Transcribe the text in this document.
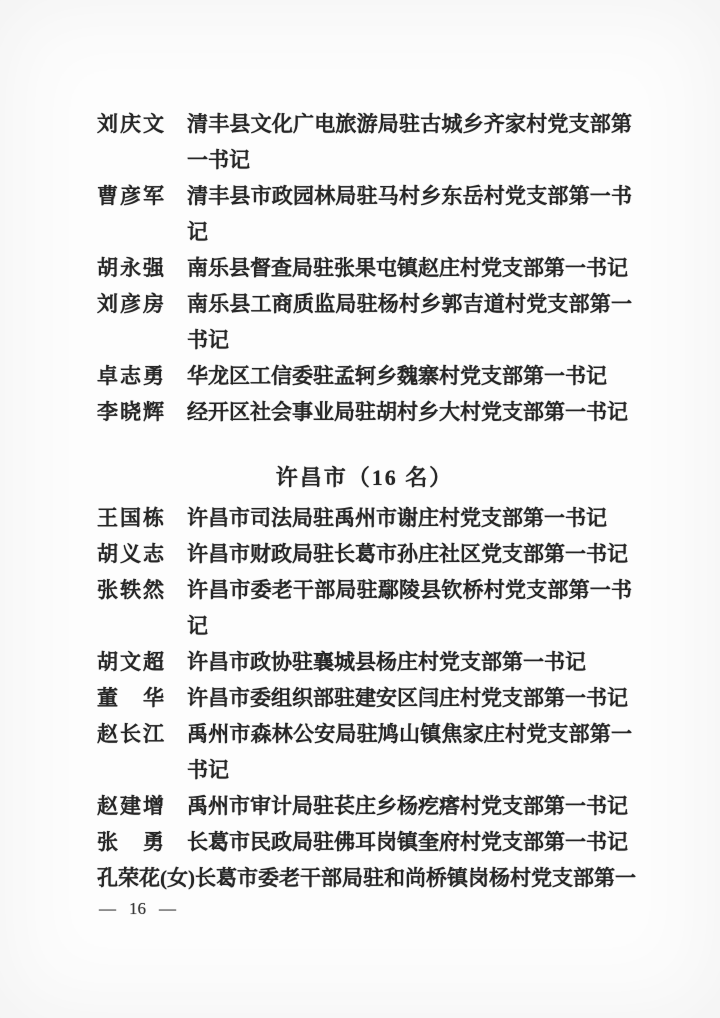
刘庆文	清丰县文化广电旅游局驻古城乡齐家村党支部第一书记
曹彦军	清丰县市政园林局驻马村乡东岳村党支部第一书记
胡永强	南乐县督查局驻张果屯镇赵庄村党支部第一书记
刘彦房	南乐县工商质监局驻杨村乡郭吉道村党支部第一书记
卓志勇	华龙区工信委驻孟轲乡魏寨村党支部第一书记
李晓辉	经开区社会事业局驻胡村乡大村党支部第一书记
许昌市（16 名）
王国栋	许昌市司法局驻禹州市谢庄村党支部第一书记
胡义志	许昌市财政局驻长葛市孙庄社区党支部第一书记
张轶然	许昌市委老干部局驻鄢陵县钦桥村党支部第一书记
胡文超	许昌市政协驻襄城县杨庄村党支部第一书记
董　华	许昌市委组织部驻建安区闫庄村党支部第一书记
赵长江	禹州市森林公安局驻鸠山镇焦家庄村党支部第一书记
赵建增	禹州市审计局驻苌庄乡杨疙瘩村党支部第一书记
张　勇	长葛市民政局驻佛耳岗镇奎府村党支部第一书记
孔荣花(女) 长葛市委老干部局驻和尚桥镇岗杨村党支部第一
— 16 —
